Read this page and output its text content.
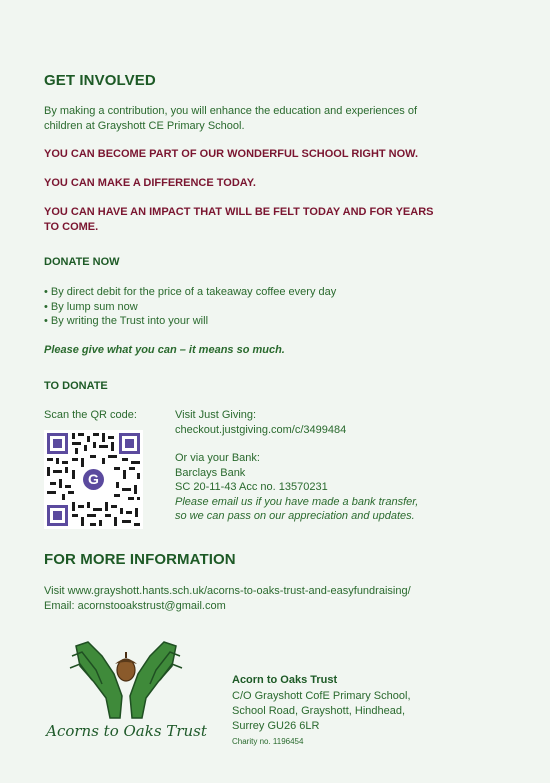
GET INVOLVED
By making a contribution, you will enhance the education and experiences of
children at Grayshott CE Primary School.
YOU CAN BECOME PART OF OUR WONDERFUL SCHOOL RIGHT NOW.
YOU CAN MAKE A DIFFERENCE TODAY.
YOU CAN HAVE AN IMPACT THAT WILL BE FELT TODAY AND FOR YEARS
TO COME.
DONATE NOW
• By direct debit for the price of a takeaway coffee every day
• By lump sum now
• By writing the Trust into your will
Please give what you can – it means so much.
TO DONATE
Scan the QR code:
G
Visit Just Giving:
checkout.justgiving.com/c/3499484
Or via your Bank:
Barclays Bank
SC 20-11-43 Acc no. 13570231
Please email us if you have made a bank transfer,
so we can pass on our appreciation and updates.
FOR MORE INFORMATION
Visit www.grayshott.hants.sch.uk/acorns-to-oaks-trust-and-easyfundraising/
Email: acornstooakstrust@gmail.com
Acorns to Oaks Trust
Acorn to Oaks Trust
C/O Grayshott CofE Primary School,
School Road, Grayshott, Hindhead,
Surrey GU26 6LR
Charity no. 1196454
